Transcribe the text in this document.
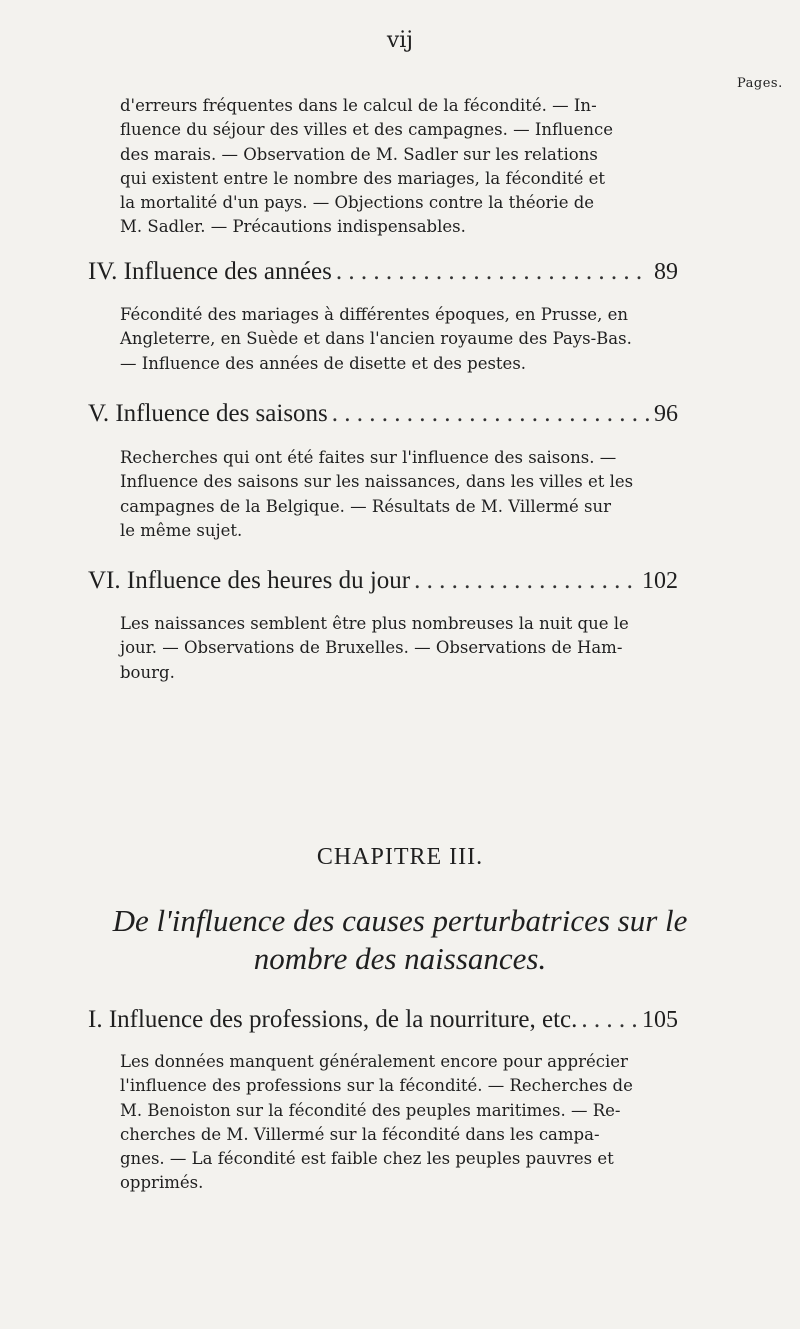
vij
Pages.

d'erreurs fréquentes dans le calcul de la fécondité. — In-
fluence du séjour des villes et des campagnes. — Influence
des marais. — Observation de M. Sadler sur les relations
qui existent entre le nombre des mariages, la fécondité et
la mortalité d'un pays. — Objections contre la théorie de
M. Sadler. — Précautions indispensables.

IV. Influence des années . . .	89

Fécondité des mariages à différentes époques, en Prusse, en
Angleterre, en Suède et dans l'ancien royaume des Pays-Bas.
— Influence des années de disette et des pestes.

V. Influence des saisons . . .	96

Recherches qui ont été faites sur l'influence des saisons. —
Influence des saisons sur les naissances, dans les villes et les
campagnes de la Belgique. — Résultats de M. Villermé sur
le même sujet.

VI. Influence des heures du jour . . .	102

Les naissances semblent être plus nombreuses la nuit que le
jour. — Observations de Bruxelles. — Observations de Ham-
bourg.

CHAPITRE III.

De l'influence des causes perturbatrices sur le
nombre des naissances.

I. Influence des professions, de la nourriture, etc. . . .	105

Les données manquent généralement encore pour apprécier
l'influence des professions sur la fécondité. — Recherches de
M. Benoiston sur la fécondité des peuples maritimes. — Re-
cherches de M. Villermé sur la fécondité dans les campa-
gnes. — La fécondité est faible chez les peuples pauvres et
opprimés.
